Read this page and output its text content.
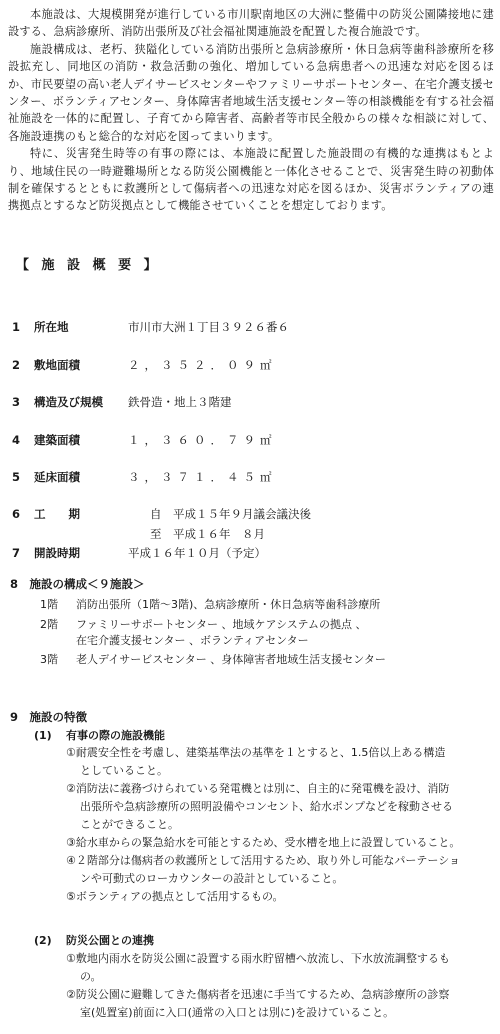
本施設は、大規模開発が進行している市川駅南地区の大洲に整備中の防災公園隣接地に建設する、急病診療所、消防出張所及び社会福祉関連施設を配置した複合施設です。

施設構成は、老朽、狭隘化している消防出張所と急病診療所・休日急病等歯科診療所を移設拡充し、同地区の消防・救急活動の強化、増加している急病患者への迅速な対応を図るほか、市民要望の高い老人デイサービスセンターやファミリーサポートセンター、在宅介護支援センター、ボランティアセンター、身体障害者地域生活支援センター等の相談機能を有する社会福祉施設を一体的に配置し、子育てから障害者、高齢者等市民全般からの様々な相談に対して、各施設連携のもと総合的な対応を図ってまいります。

特に、災害発生時等の有事の際には、本施設に配置した施設間の有機的な連携はもとより、地域住民の一時避難場所となる防災公園機能と一体化させることで、災害発生時の初動体制を確保するとともに救護所として傷病者への迅速な対応を図るほか、災害ボランティアの連携拠点とするなど防災拠点として機能させていくことを想定しております。

【 施 設 概 要 】
1 所在地	市川市大洲１丁目３９２６番６
2 敷地面積	２，３５２．０９㎡
3 構造及び規模 鉄骨造・地上３階建
4 建築面積	１，３６０．７９㎡
5 延床面積	３，３７１．４５㎡
6 工　　期	自　平成１５年９月議会議決後
至　平成１６年　８月
7 開設時期	平成１６年１０月（予定）
8　施設の構成＜９施設＞
1階 消防出張所（1階～3階)、急病診療所・休日急病等歯科診療所
2階 ファミリーサポートセンター 、地域ケアシステムの拠点 、
在宅介護支援センター 、ボランティアセンター
3階 老人デイサービスセンター 、身体障害者地域生活支援センター
9　施設の特徴
(1) 有事の際の施設機能
①耐震安全性を考慮し、建築基準法の基準を１とすると、1.5倍以上ある構造
としていること。
②消防法に義務づけられている発電機とは別に、自主的に発電機を設け、消防
出張所や急病診療所の照明設備やコンセント、給水ポンプなどを稼動させる
ことができること。
③給水車からの緊急給水を可能とするため、受水槽を地上に設置していること。
④２階部分は傷病者の救護所として活用するため、取り外し可能なパーテーショ
ンや可動式のローカウンターの設計としていること。
⑤ボランティアの拠点として活用するもの。
(2) 防災公園との連携
①敷地内雨水を防災公園に設置する雨水貯留槽へ放流し、下水放流調整するも
の。
②防災公園に避難してきた傷病者を迅速に手当てするため、急病診療所の診察
室(処置室)前面に入口(通常の入口とは別に)を設けていること。
